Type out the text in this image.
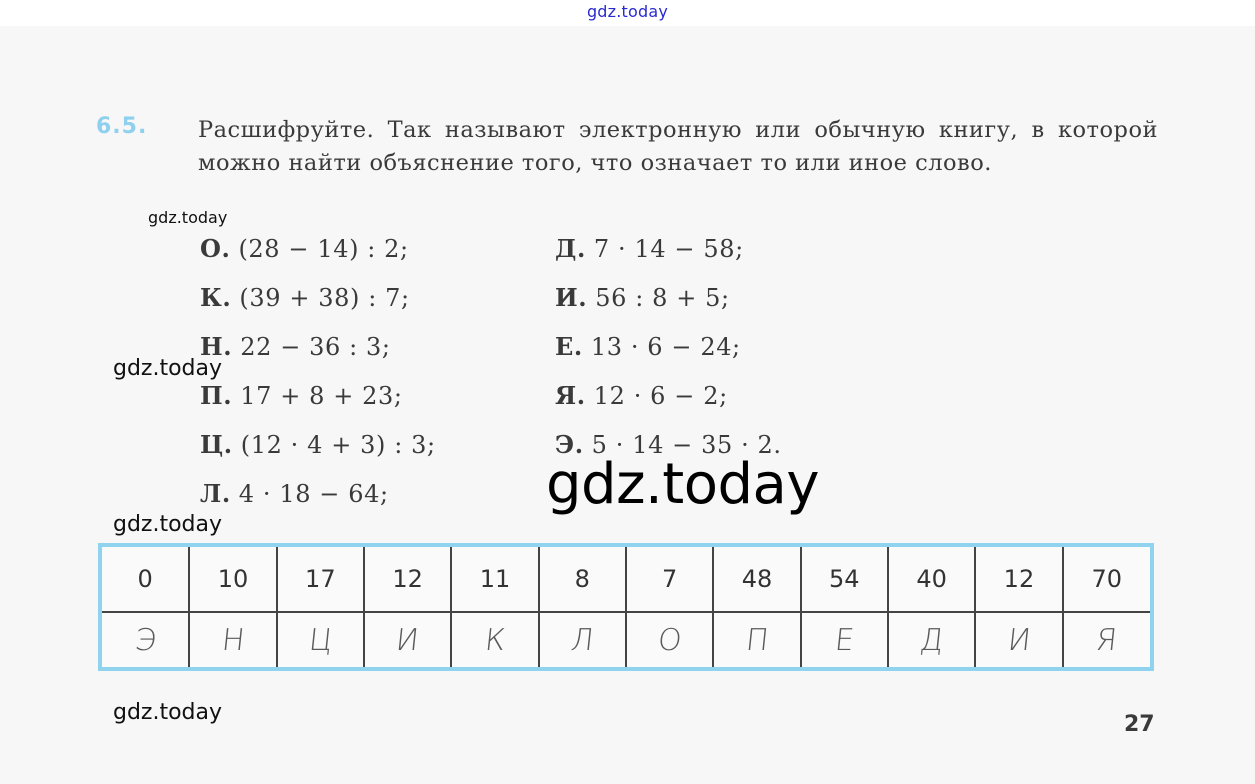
gdz.today
6.5. Расшифруйте. Так называют электронную или обычную книгу, в которой можно найти объяснение того, что означает то или иное слово.
gdz.today
О. (28 − 14) : 2;
К. (39 + 38) : 7;
Н. 22 − 36 : 3;
П. 17 + 8 + 23;
Ц. (12 · 4 + 3) : 3;
Л. 4 · 18 − 64;
Д. 7 · 14 − 58;
И. 56 : 8 + 5;
Е. 13 · 6 − 24;
Я. 12 · 6 − 2;
Э. 5 · 14 − 35 · 2.
gdz.today
gdz.today
gdz.today
0	10	17	12	11	8	7	48	54	40	12	70
Э	Н	Ц	И	К	Л	О	П	Е	Д	И	Я
gdz.today	27
